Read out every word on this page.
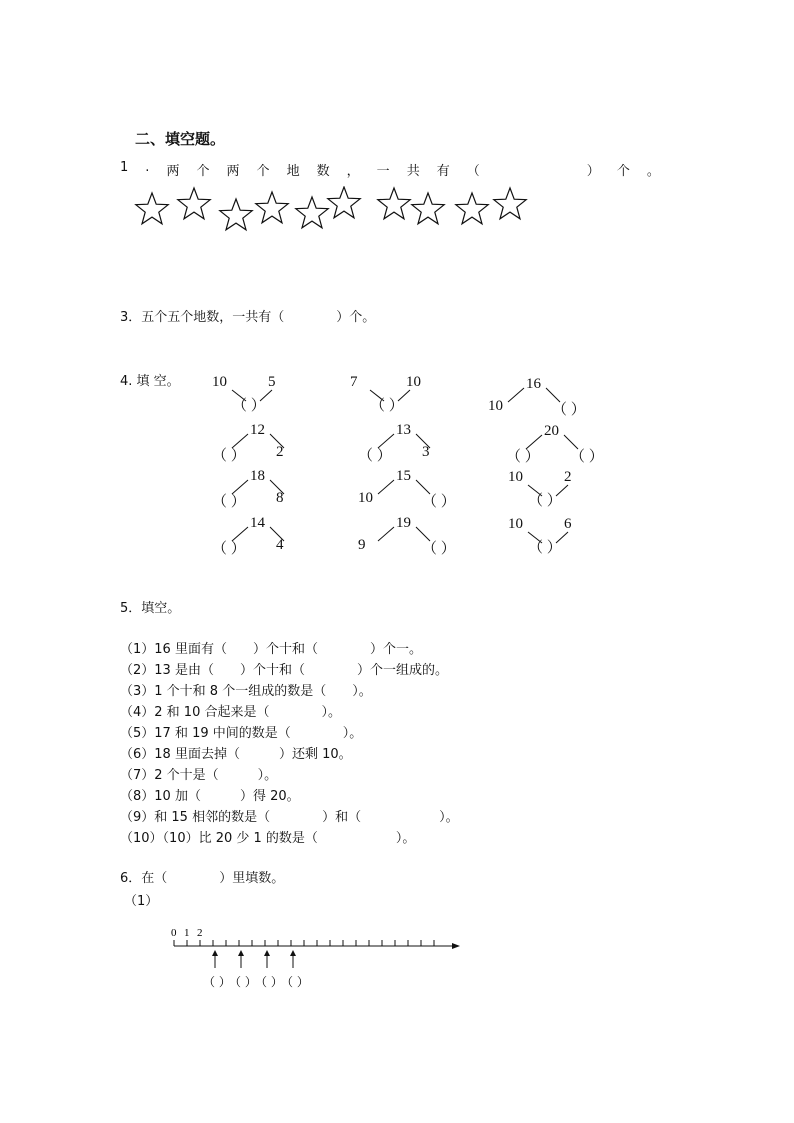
二、填空题。
1 . 两 个 两 个 地 数 ， 一 共 有 （	） 个 。
3．五个五个地数，一共有（　　　　）个。
4. 填 空。 10	5
（ ）
7	10
（ ）
16
10	（ ）
12
（ ） 2
13
（ ） 3
20
（ ） （ ）
18
（ ） 8
15
10	（ ）
10	2
（ ）
14
（ ） 4
19
9	（ ）
10	6
（ ）
5．填空。
（1）16 里面有（　　）个十和（　　　　）个一。
（2）13 是由（　　）个十和（　　　　）个一组成的。
（3）1 个十和 8 个一组成的数是（　　）。
（4）2 和 10 合起来是（　　　　）。
（5）17 和 19 中间的数是（　　　　）。
（6）18 里面去掉（　　　）还剩 10。
（7）2 个十是（　　　）。
（8）10 加（　　　）得 20。
（9）和 15 相邻的数是（　　　　）和（　　　　　　）。
（10）（10）比 20 少 1 的数是（　　　　　　）。
6．在（　　　　）里填数。
（1）
0 1 2
（ ）
（ ）
（ ）
（ ）
